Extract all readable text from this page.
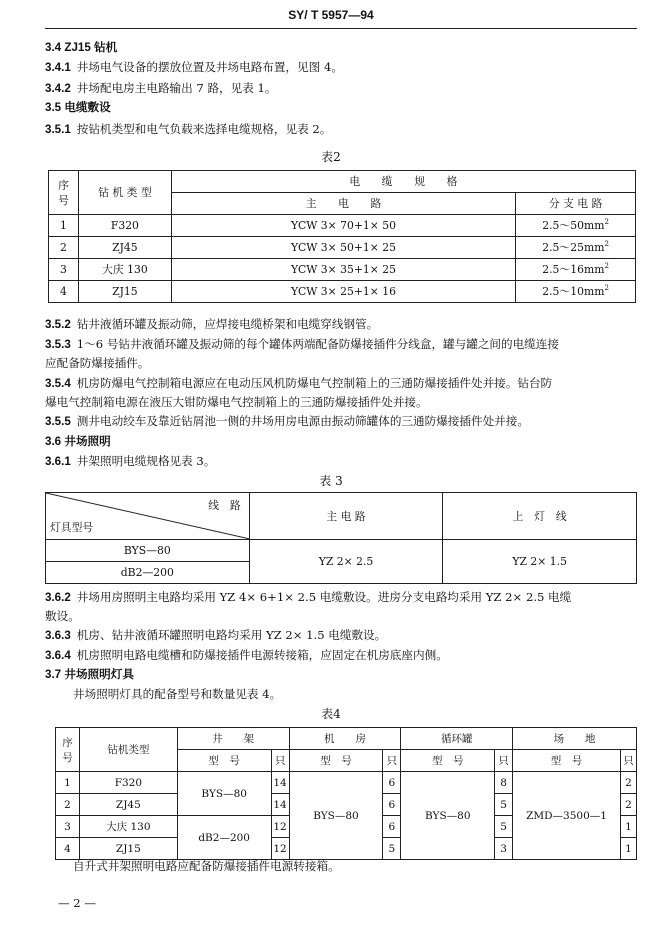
SY/ T 5957—94
3.4 ZJ15 钻机
3.4.1 井场电气设备的摆放位置及井场电路布置，见图 4。
3.4.2 井场配电房主电路输出 7 路，见表 1。
3.5 电缆敷设
3.5.1 按钻机类型和电气负载来选择电缆规格，见表 2。
表2
序
号	钻 机 类 型	电　　缆　　规　　格	
		主　　电　　路	分 支 电 路
1	F320	YCW 3× 70+1× 50	$2.5\sim 50mm^2$
2	ZJ45	YCW 3× 50+1× 25	$2.5\sim 25mm^2$
3	大庆 130	YCW 3× 35+1× 25	$2.5\sim 16mm^2$
4	ZJ15	YCW 3× 25+1× 16	$2.5\sim 10mm^2$
3.5.2 钻井液循环罐及振动筛，应焊接电缆桥架和电缆穿线钢管。
3.5.3 1～6 号钻井液循环罐及振动筛的每个罐体两端配备防爆接插件分线盒，罐与罐之间的电缆连接
应配备防爆接插件。
3.5.4 机房防爆电气控制箱电源应在电动压风机防爆电气控制箱上的三通防爆接插件处并接。钻台防
爆电气控制箱电源在液压大钳防爆电气控制箱上的三通防爆接插件处并接。
3.5.5 测井电动绞车及靠近钻屑池一侧的井场用房电源由振动筛罐体的三通防爆接插件处并接。
3.6 井场照明
3.6.1 井架照明电缆规格见表 3。
表 3
线　路
灯具型号	主 电 路	上　灯　线
BYS—80	YZ 2× 2.5	YZ 2× 1.5
dB2—200		
3.6.2 井场用房照明主电路均采用 YZ 4× 6+1× 2.5 电缆敷设。进房分支电路均采用 YZ 2× 2.5 电缆
敷设。
3.6.3 机房、钻井液循环罐照明电路均采用 YZ 2× 1.5 电缆敷设。
3.6.4 机房照明电路电缆槽和防爆接插件电源转接箱，应固定在机房底座内侧。
3.7 井场照明灯具
井场照明灯具的配备型号和数量见表 4。
表4
序
号	钻机类型	井　　架		机　　房		循环罐		场　　地	
		型　号	只	型　号	只	型　号	只	型　号	只
1	F320	BYS—80	14	BYS—80	6	BYS—80	8	ZMD—3500—1	2
2	ZJ45		14		6		5		2
3	大庆 130	dB2—200	12		6		5		1
4	ZJ15		12		5		3		1
自升式井架照明电路应配备防爆接插件电源转接箱。
— 2 —
